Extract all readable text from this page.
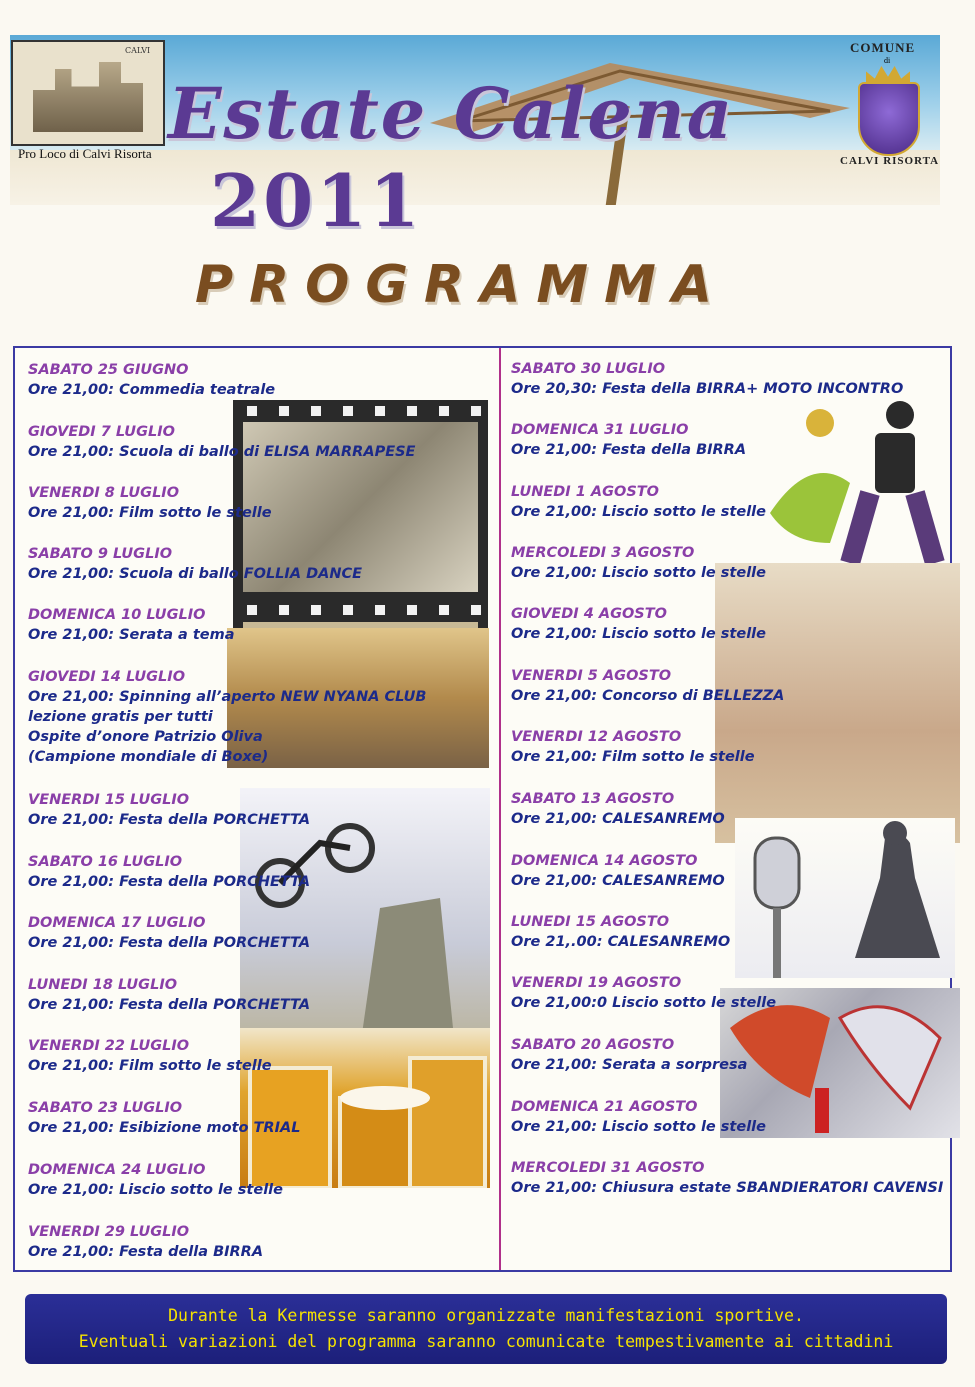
CALVI
Pro Loco di Calvi Risorta Estate Calena
2011
PROGRAMMA
COMUNE
di
CALVI RISORTA
SABATO 25 GIUGNO
Ore 21,00: Commedia teatrale
GIOVEDI 7 LUGLIO
Ore 21,00: Scuola di ballo di ELISA MARRAPESE
VENERDI 8 LUGLIO
Ore 21,00: Film sotto le stelle
SABATO 9 LUGLIO
Ore 21,00: Scuola di ballo FOLLIA DANCE
DOMENICA 10 LUGLIO
Ore 21,00: Serata a tema
GIOVEDI 14 LUGLIO
Ore 21,00: Spinning all’aperto NEW NYANA CLUB
lezione gratis per tutti
Ospite d’onore Patrizio Oliva
(Campione mondiale di Boxe)
VENERDI 15 LUGLIO
Ore 21,00: Festa della PORCHETTA
SABATO 16 LUGLIO
Ore 21,00: Festa della PORCHETTA
DOMENICA 17 LUGLIO
Ore 21,00: Festa della PORCHETTA
LUNEDI 18 LUGLIO
Ore 21,00: Festa della PORCHETTA
VENERDI 22 LUGLIO
Ore 21,00: Film sotto le stelle
SABATO 23 LUGLIO
Ore 21,00: Esibizione moto TRIAL
DOMENICA 24 LUGLIO
Ore 21,00: Liscio sotto le stelle
VENERDI 29 LUGLIO
Ore 21,00: Festa della BIRRA
SABATO 30 LUGLIO
Ore 20,30: Festa della BIRRA+ MOTO INCONTRO
DOMENICA 31 LUGLIO
Ore 21,00: Festa della BIRRA
LUNEDI 1 AGOSTO
Ore 21,00: Liscio sotto le stelle
MERCOLEDI 3 AGOSTO
Ore 21,00: Liscio sotto le stelle
GIOVEDI 4 AGOSTO
Ore 21,00: Liscio sotto le stelle
VENERDI 5 AGOSTO
Ore 21,00: Concorso di BELLEZZA
VENERDI 12 AGOSTO
Ore 21,00: Film sotto le stelle
SABATO 13 AGOSTO
Ore 21,00: CALESANREMO
DOMENICA 14 AGOSTO
Ore 21,00: CALESANREMO
LUNEDI 15 AGOSTO
Ore 21,.00: CALESANREMO
VENERDI 19 AGOSTO
Ore 21,00:0 Liscio sotto le stelle
SABATO 20 AGOSTO
Ore 21,00: Serata a sorpresa
DOMENICA 21 AGOSTO
Ore 21,00: Liscio sotto le stelle
MERCOLEDI 31 AGOSTO
Ore 21,00: Chiusura estate SBANDIERATORI CAVENSI
Durante la Kermesse saranno organizzate manifestazioni sportive.
Eventuali variazioni del programma saranno comunicate tempestivamente ai cittadini
